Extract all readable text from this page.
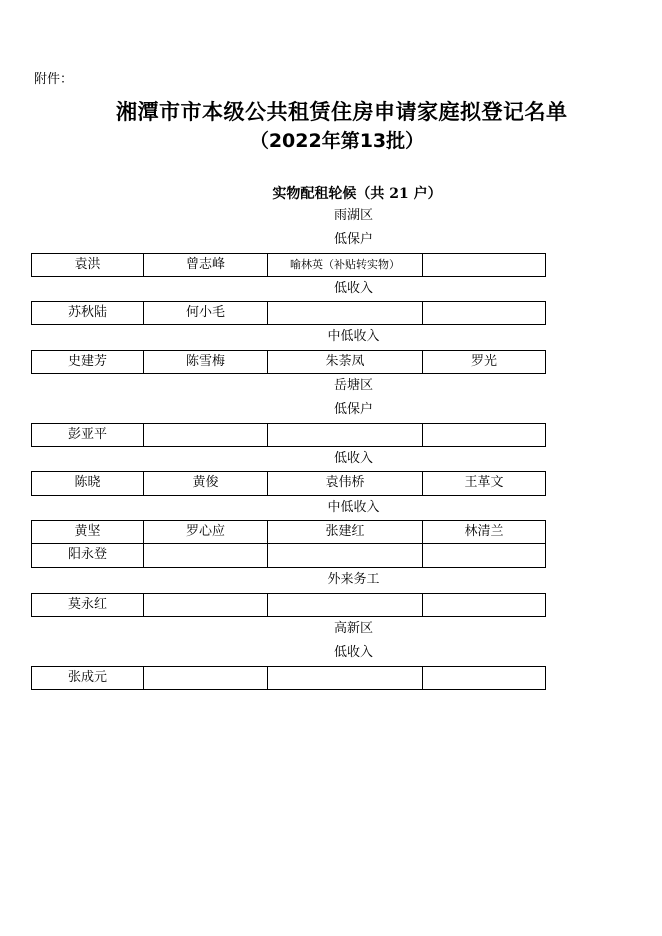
附件：
湘潭市市本级公共租赁住房申请家庭拟登记名单
（2022年第13批）
实物配租轮候（共 21 户）
雨湖区
低保户
袁洪	曾志峰	喻林英（补贴转实物）
低收入
苏秋陆	何小毛
中低收入
史建芳	陈雪梅	朱荼凤	罗光
岳塘区
低保户
彭亚平
低收入
陈晓	黄俊	袁伟桥	王革文
中低收入
黄坚	罗心应	张建红	林清兰
阳永登
外来务工
莫永红
高新区
低收入
张成元
